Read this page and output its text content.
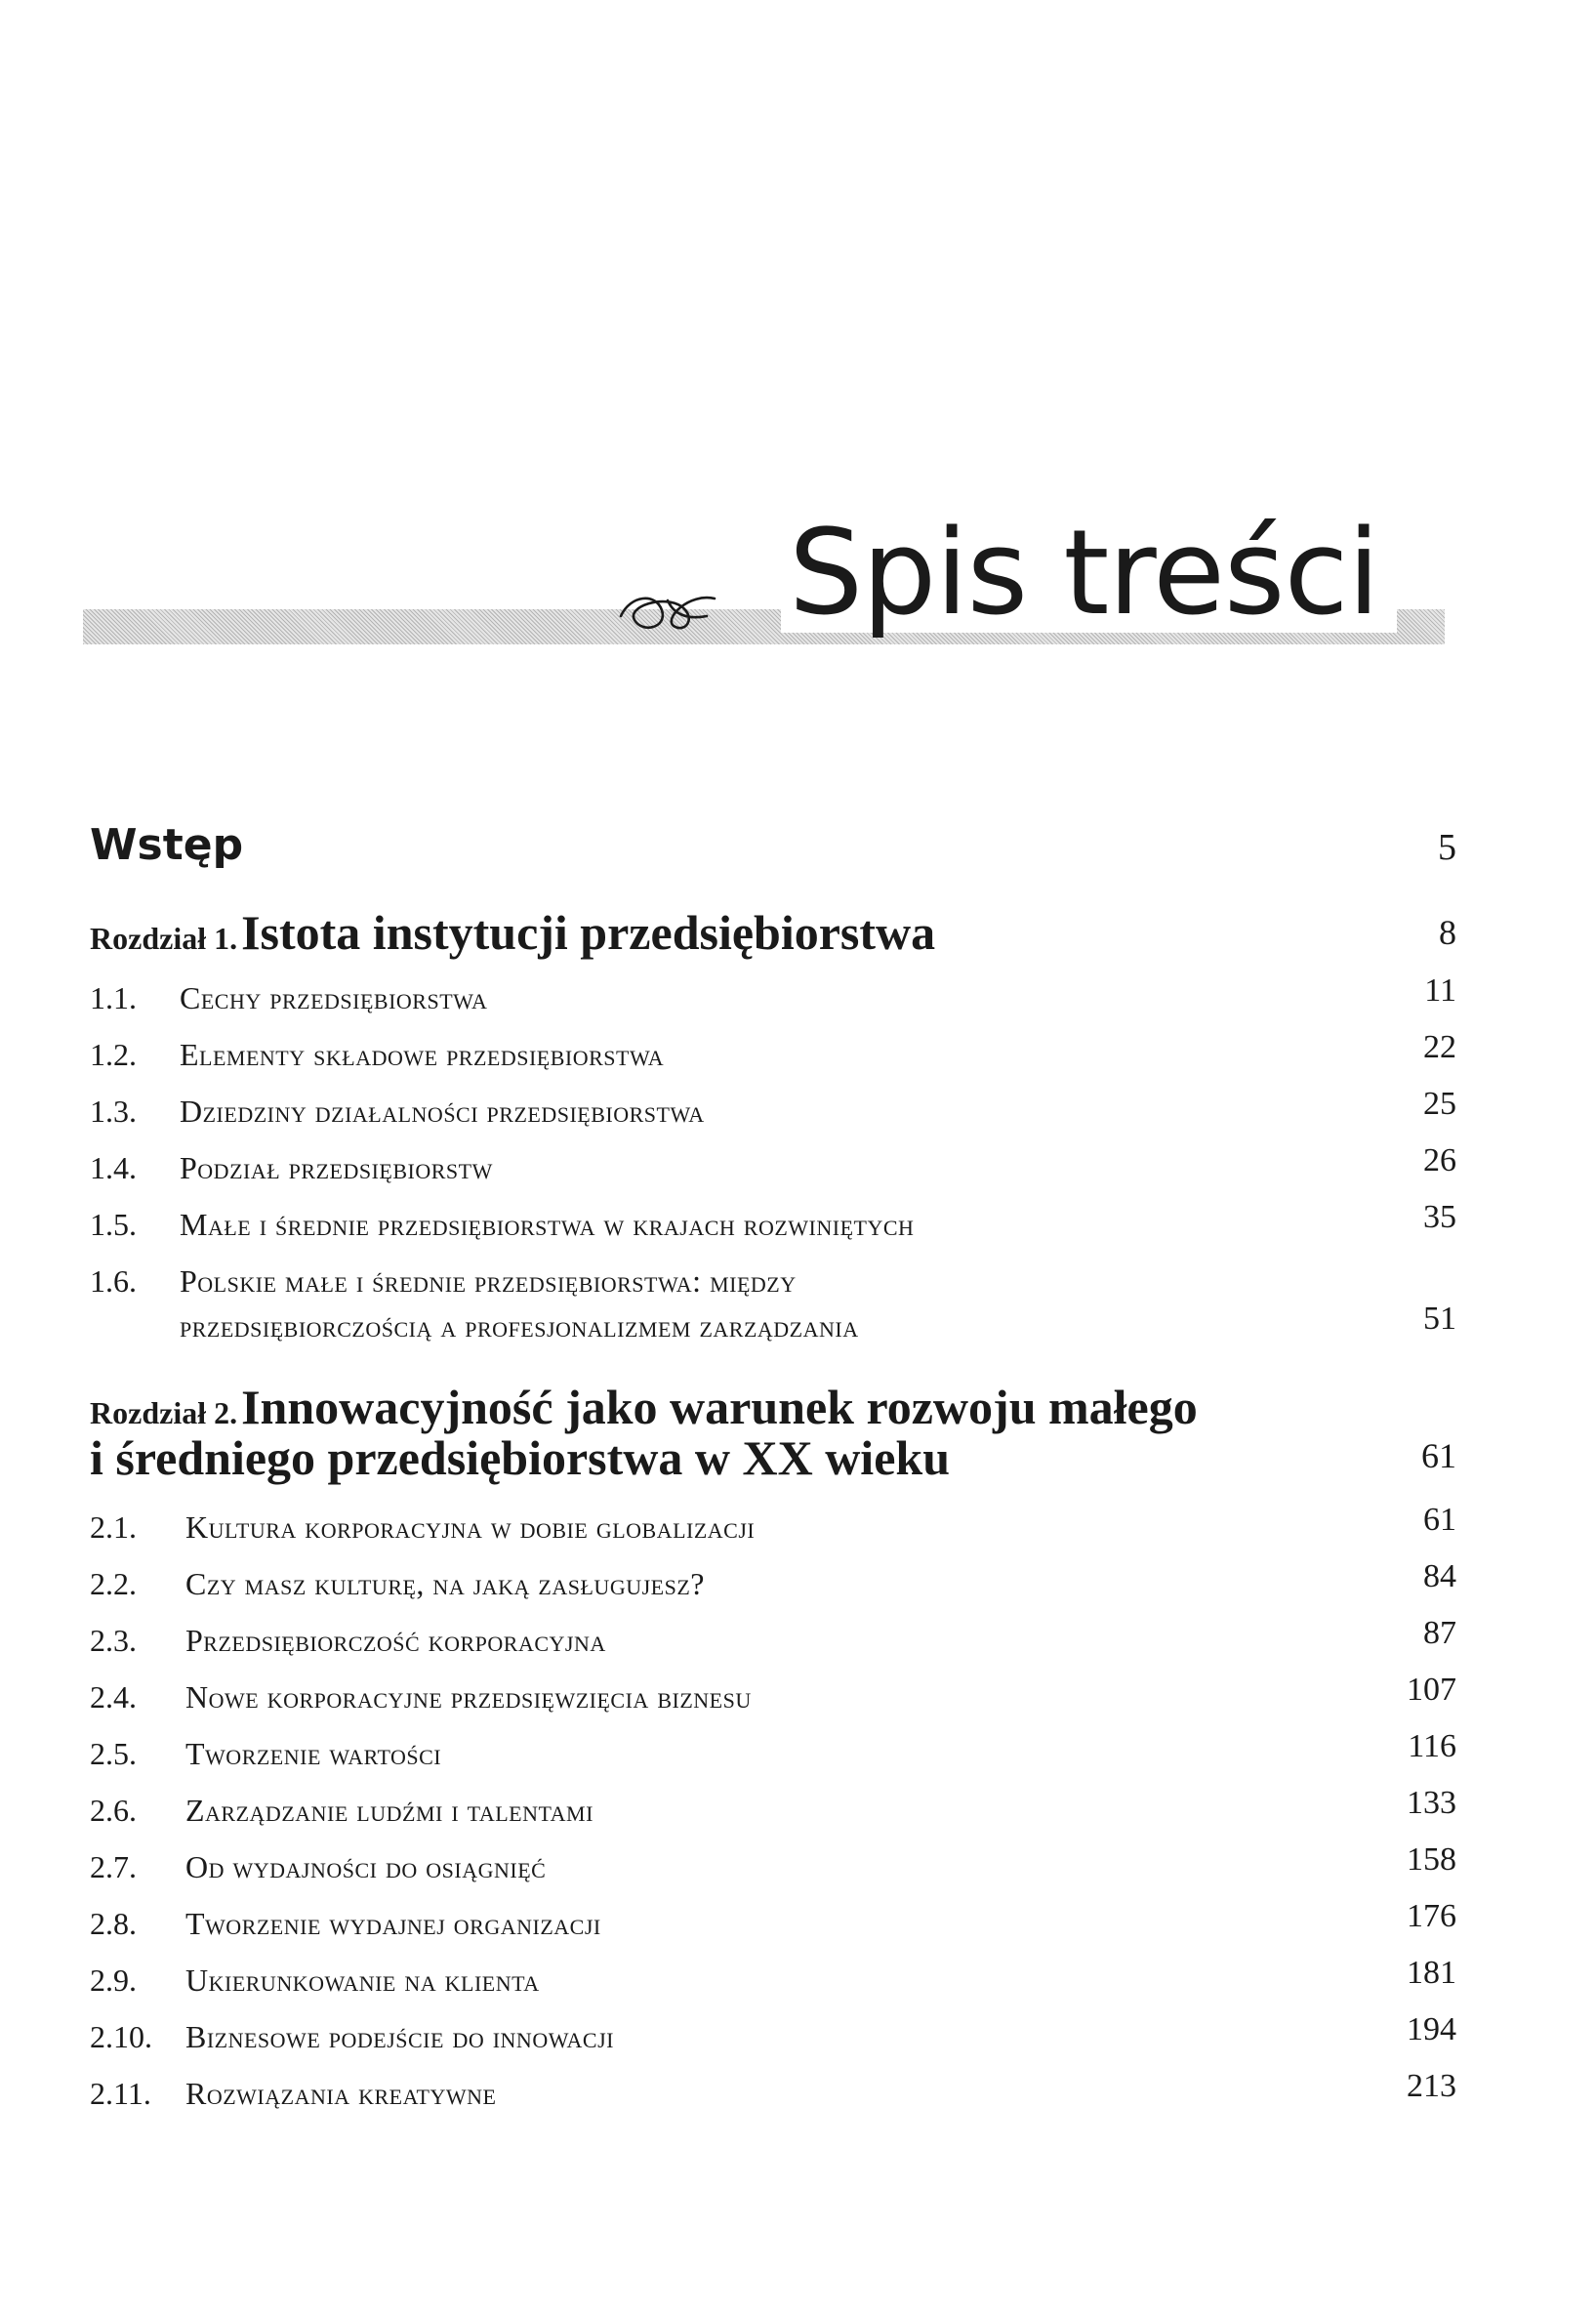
Spis treści
Wstęp	5
Rozdział 1. Istota instytucji przedsiębiorstwa	8
1.1. Cechy przedsiębiorstwa	11
1.2. Elementy składowe przedsiębiorstwa	22
1.3. Dziedziny działalności przedsiębiorstwa	25
1.4. Podział przedsiębiorstw	26
1.5. Małe i średnie przedsiębiorstwa w krajach rozwiniętych	35
1.6. Polskie małe i średnie przedsiębiorstwa: między
przedsiębiorczością a profesjonalizmem zarządzania	51
Rozdział 2. Innowacyjność jako warunek rozwoju małego
i średniego przedsiębiorstwa w XX wieku	61
2.1. Kultura korporacyjna w dobie globalizacji	61
2.2. Czy masz kulturę, na jaką zasługujesz?	84
2.3. Przedsiębiorczość korporacyjna	87
2.4. Nowe korporacyjne przedsięwzięcia biznesu	107
2.5. Tworzenie wartości	116
2.6. Zarządzanie ludźmi i talentami	133
2.7. Od wydajności do osiągnięć	158
2.8. Tworzenie wydajnej organizacji	176
2.9. Ukierunkowanie na klienta	181
2.10. Biznesowe podejście do innowacji	194
2.11. Rozwiązania kreatywne	213
